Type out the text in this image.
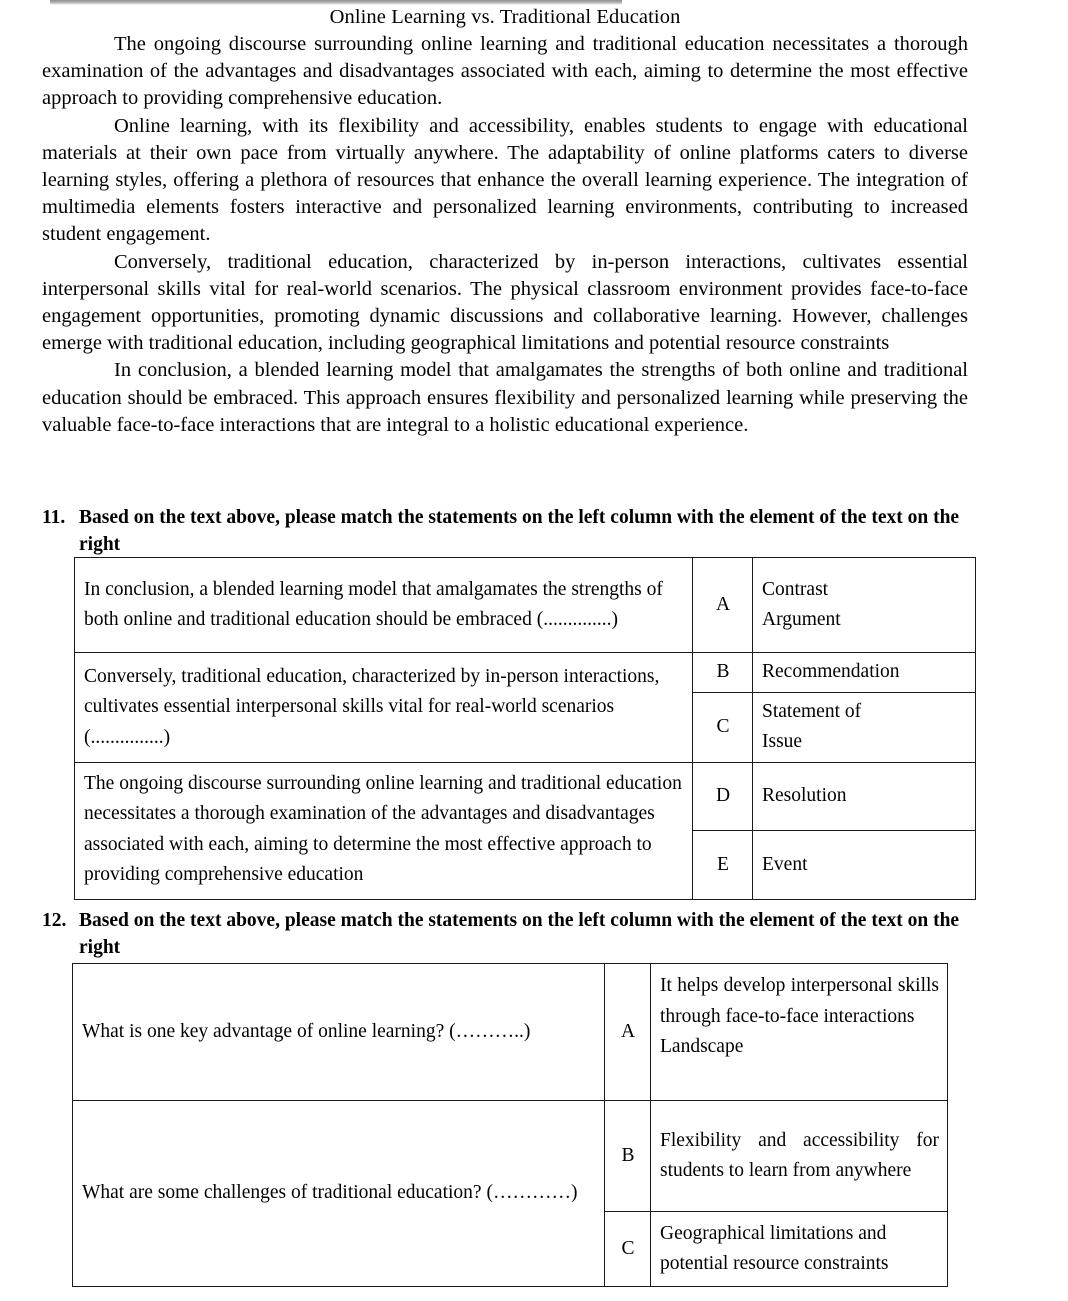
Online Learning vs. Traditional Education

The ongoing discourse surrounding online learning and traditional education necessitates a thorough examination of the advantages and disadvantages associated with each, aiming to determine the most effective approach to providing comprehensive education.

Online learning, with its flexibility and accessibility, enables students to engage with educational materials at their own pace from virtually anywhere. The adaptability of online platforms caters to diverse learning styles, offering a plethora of resources that enhance the overall learning experience. The integration of multimedia elements fosters interactive and personalized learning environments, contributing to increased student engagement.

Conversely, traditional education, characterized by in-person interactions, cultivates essential interpersonal skills vital for real-world scenarios. The physical classroom environment provides face-to-face engagement opportunities, promoting dynamic discussions and collaborative learning. However, challenges emerge with traditional education, including geographical limitations and potential resource constraints

In conclusion, a blended learning model that amalgamates the strengths of both online and traditional education should be embraced. This approach ensures flexibility and personalized learning while preserving the valuable face-to-face interactions that are integral to a holistic educational experience.

11. Based on the text above, please match the statements on the left column with the element of the text on the right
In conclusion, a blended learning model that amalgamates the strengths of both online and traditional education should be embraced (..............)	A	Contrast
Argument

Conversely, traditional education, characterized by in-person interactions, cultivates essential interpersonal skills vital for real-world scenarios (...............)	B	Recommendation

	C	Statement of
Issue

The ongoing discourse surrounding online learning and traditional education necessitates a thorough examination of the advantages and disadvantages associated with each, aiming to determine the most effective approach to providing comprehensive education	D	Resolution

	E	Event
12. Based on the text above, please match the statements on the left column with the element of the text on the right
What is one key advantage of online learning? (………..)	A	It helps develop interpersonal skills through face-to-face interactions
Landscape

What are some challenges of traditional education? (…………)	B	Flexibility and accessibility for students to learn from anywhere
	C	Geographical limitations and potential resource constraints
